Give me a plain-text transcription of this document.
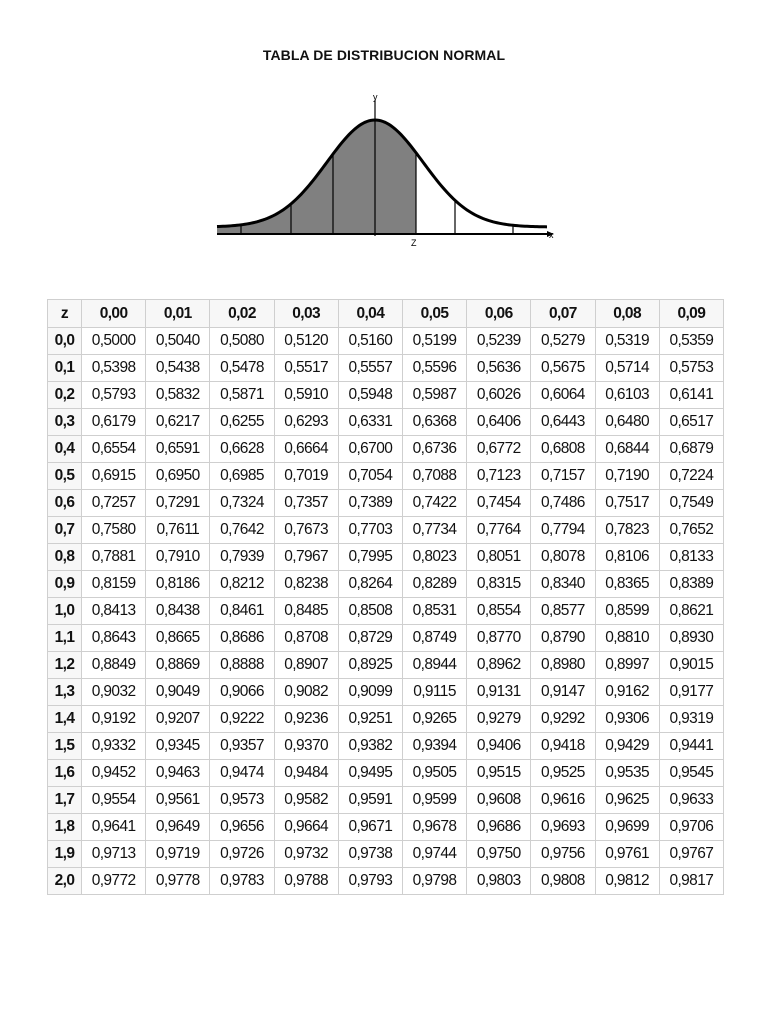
TABLA DE DISTRIBUCION NORMAL
y
x
Z
z	0,00	0,01	0,02	0,03	0,04	0,05	0,06	0,07	0,08	0,09
0,0	0,5000	0,5040	0,5080	0,5120	0,5160	0,5199	0,5239	0,5279	0,5319	0,5359
0,1	0,5398	0,5438	0,5478	0,5517	0,5557	0,5596	0,5636	0,5675	0,5714	0,5753
0,2	0,5793	0,5832	0,5871	0,5910	0,5948	0,5987	0,6026	0,6064	0,6103	0,6141
0,3	0,6179	0,6217	0,6255	0,6293	0,6331	0,6368	0,6406	0,6443	0,6480	0,6517
0,4	0,6554	0,6591	0,6628	0,6664	0,6700	0,6736	0,6772	0,6808	0,6844	0,6879
0,5	0,6915	0,6950	0,6985	0,7019	0,7054	0,7088	0,7123	0,7157	0,7190	0,7224
0,6	0,7257	0,7291	0,7324	0,7357	0,7389	0,7422	0,7454	0,7486	0,7517	0,7549
0,7	0,7580	0,7611	0,7642	0,7673	0,7703	0,7734	0,7764	0,7794	0,7823	0,7652
0,8	0,7881	0,7910	0,7939	0,7967	0,7995	0,8023	0,8051	0,8078	0,8106	0,8133
0,9	0,8159	0,8186	0,8212	0,8238	0,8264	0,8289	0,8315	0,8340	0,8365	0,8389
1,0	0,8413	0,8438	0,8461	0,8485	0,8508	0,8531	0,8554	0,8577	0,8599	0,8621
1,1	0,8643	0,8665	0,8686	0,8708	0,8729	0,8749	0,8770	0,8790	0,8810	0,8930
1,2	0,8849	0,8869	0,8888	0,8907	0,8925	0,8944	0,8962	0,8980	0,8997	0,9015
1,3	0,9032	0,9049	0,9066	0,9082	0,9099	0,9115	0,9131	0,9147	0,9162	0,9177
1,4	0,9192	0,9207	0,9222	0,9236	0,9251	0,9265	0,9279	0,9292	0,9306	0,9319
1,5	0,9332	0,9345	0,9357	0,9370	0,9382	0,9394	0,9406	0,9418	0,9429	0,9441
1,6	0,9452	0,9463	0,9474	0,9484	0,9495	0,9505	0,9515	0,9525	0,9535	0,9545
1,7	0,9554	0,9561	0,9573	0,9582	0,9591	0,9599	0,9608	0,9616	0,9625	0,9633
1,8	0,9641	0,9649	0,9656	0,9664	0,9671	0,9678	0,9686	0,9693	0,9699	0,9706
1,9	0,9713	0,9719	0,9726	0,9732	0,9738	0,9744	0,9750	0,9756	0,9761	0,9767
2,0	0,9772	0,9778	0,9783	0,9788	0,9793	0,9798	0,9803	0,9808	0,9812	0,9817
